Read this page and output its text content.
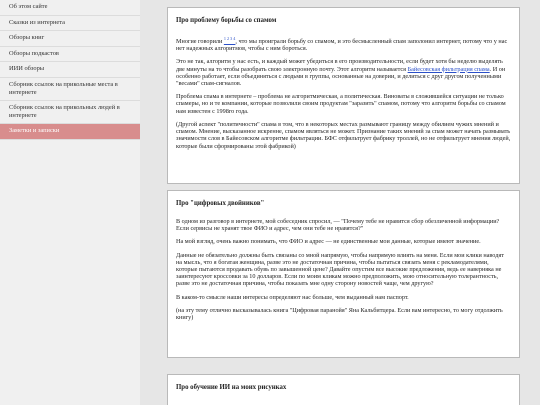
Об этом сайте
Сказки из интернета
Обзоры книг
Обзоры подкастов
ИИИ обзоры
Сборник ссылок на прикольные места в интернете
Сборник ссылок на прикольных людей в интернете
Заметки и записки
Про проблему борьбы со спамом

Многие говорили $^{1 2 3 4}$, что мы проиграли борьбу со спамом, и это бесмысленный спам заполонил интернет, потому что у нас нет надежных алгоритмов, чтобы с ним бороться.

Это не так, алгоритм у нас есть, и каждый может убедиться в его производительности, если будет хотя бы неделю выделять две минуты на то чтобы разобрать свою электронную почту. Этот алгоритм называется Байесовская фильтрация спама. И он особенно работает, если объединяться с людьми в группы, основанные на доверии, и делиться с друг другом полученными "весами" спам-сигналов.

Проблема спама в интернете – проблема не алгоритмическая, а политическая. Виноваты в сложившейся ситуации не только спамеры, но и те компании, которые позволили своим продуктам "заразить" спамом, потому что алгоритм борьбы со спамом нам известен с 1998го года.

(Другой аспект "политичности" спама в том, что в некоторых местах размывают границу между обилием чужих мнений и спамом. Мнение, высказанное искренне, спамом являться не может. Признание таких мнений за спам может начать размывать значимости слов в Байесовском алгоритме фильтрации. БФС отфильтрует фабрику троллей, но не отфильтрует мнения людей, которые были сформированы этой фабрикой)

Про "цифровых двойников"

В одном из разговор в интернете, мой собеседник спросил, — "Почему тебе не нравится сбор обезличенной информации? Если сервисы не хранят твое ФИО и адрес, чем они тебе не нравятся?"

На мой взгляд, очень важно понимать, что ФИО и адрес — не единственные мои данные, которые имеют значение.

Данные не обязательно должны быть связаны со мной напрямую, чтобы напрямую влиять на меня. Если мои клики наводят на мысль, что я богатая женщина, разве это не достаточная причина, чтобы пытаться связать меня с рекламодателями, которые пытаются продавать обувь по завышенной цене? Давайте опустим все высокие предложения, ведь ее наверняка не заинтересуют кроссовки за 10 долларов. Если по моим кликам можно предположить, мою относительную толерантность, разве это не достаточная причина, чтобы показать мне одну сторону новостей чаще, чем другую?

В каком-то смысле наши интересы определяют нас больше, чем выданный нам паспорт.

(на эту тему отлично высказывалась книга "Цифровая паранойя" Яна Кальбитцера. Если вам интересно, то могу отдолжить книгу)

Про обучение ИИ на моих рисунках
